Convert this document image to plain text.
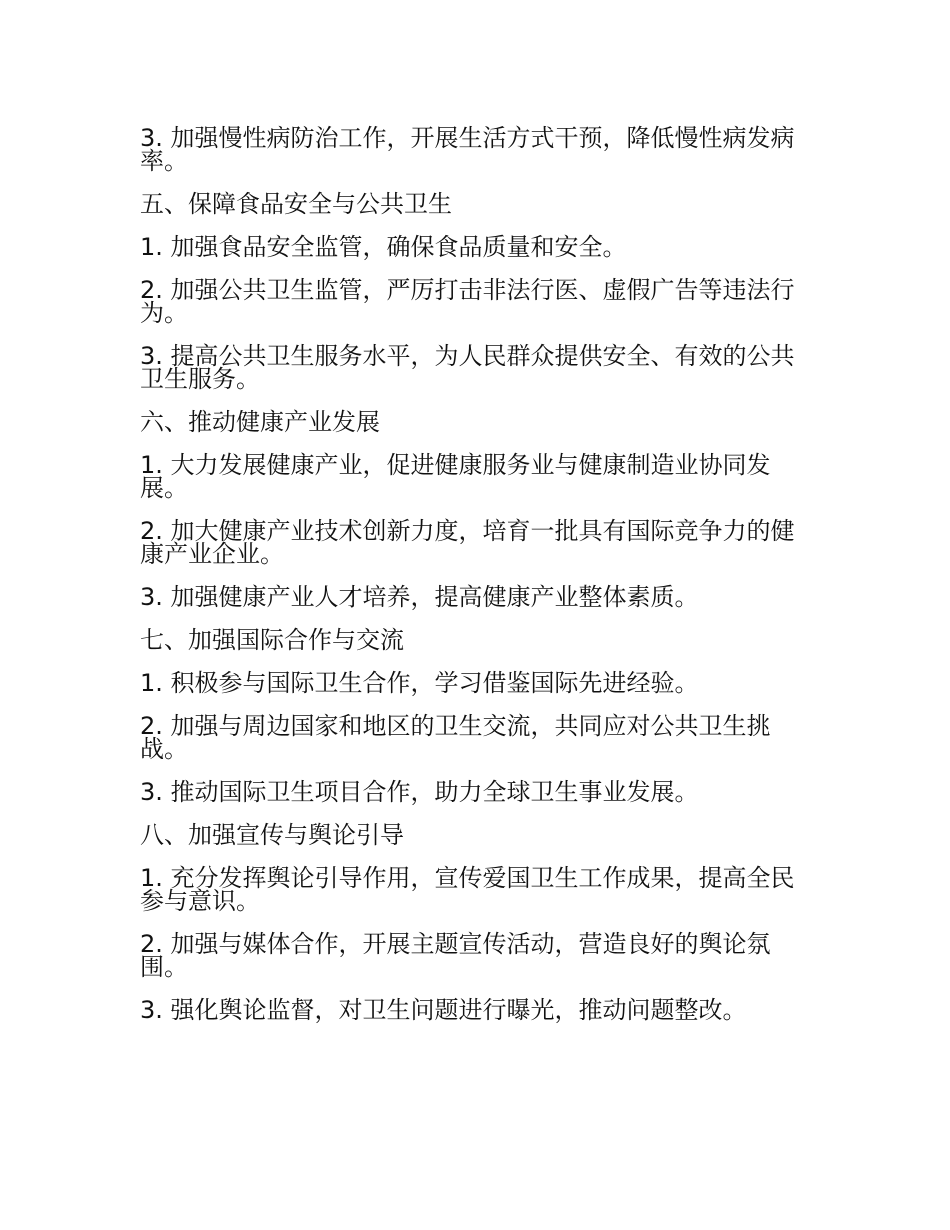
3. 加强慢性病防治工作，开展生活方式干预，降低慢性病发病率。

五、保障食品安全与公共卫生

1. 加强食品安全监管，确保食品质量和安全。

2. 加强公共卫生监管，严厉打击非法行医、虚假广告等违法行为。

3. 提高公共卫生服务水平，为人民群众提供安全、有效的公共卫生服务。

六、推动健康产业发展

1. 大力发展健康产业，促进健康服务业与健康制造业协同发展。

2. 加大健康产业技术创新力度，培育一批具有国际竞争力的健康产业企业。

3. 加强健康产业人才培养，提高健康产业整体素质。

七、加强国际合作与交流

1. 积极参与国际卫生合作，学习借鉴国际先进经验。

2. 加强与周边国家和地区的卫生交流，共同应对公共卫生挑战。

3. 推动国际卫生项目合作，助力全球卫生事业发展。

八、加强宣传与舆论引导

1. 充分发挥舆论引导作用，宣传爱国卫生工作成果，提高全民参与意识。

2. 加强与媒体合作，开展主题宣传活动，营造良好的舆论氛围。

3. 强化舆论监督，对卫生问题进行曝光，推动问题整改。
